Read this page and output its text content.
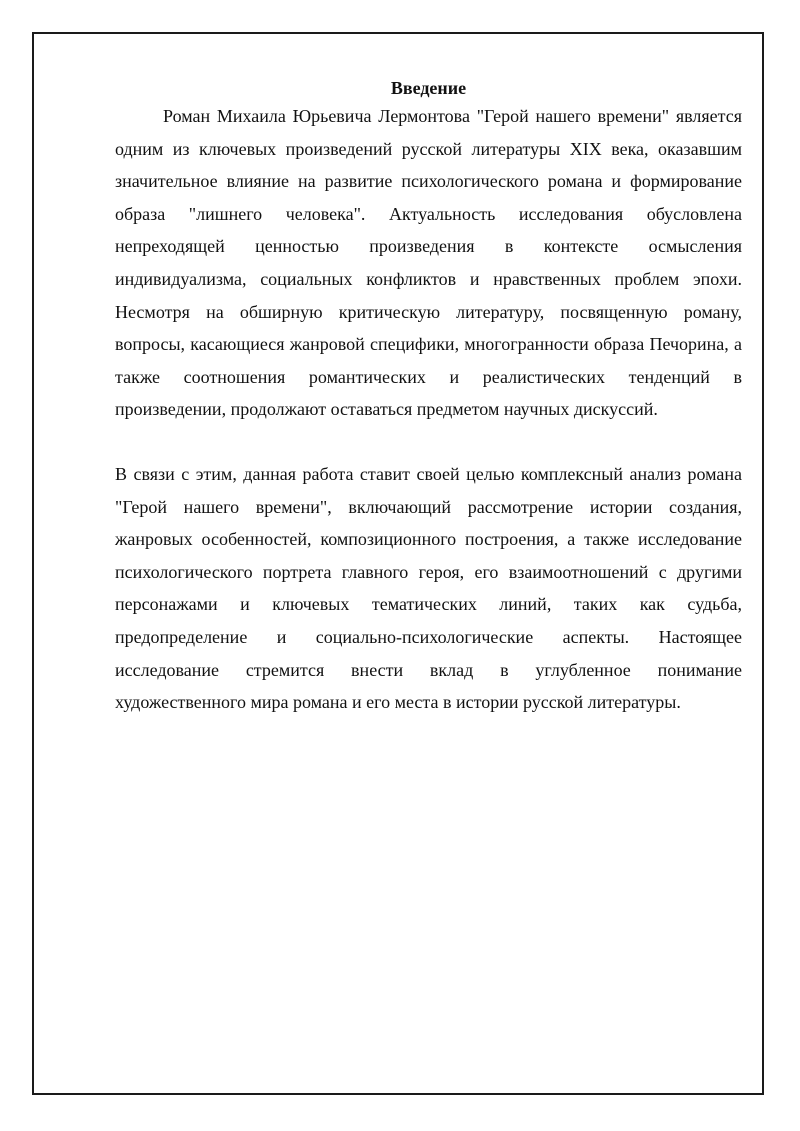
Введение

Роман Михаила Юрьевича Лермонтова "Герой нашего времени" является одним из ключевых произведений русской литературы XIX века, оказавшим значительное влияние на развитие психологического романа и формирование образа "лишнего человека". Актуальность исследования обусловлена непреходящей ценностью произведения в контексте осмысления индивидуализма, социальных конфликтов и нравственных проблем эпохи. Несмотря на обширную критическую литературу, посвященную роману, вопросы, касающиеся жанровой специфики, многогранности образа Печорина, а также соотношения романтических и реалистических тенденций в произведении, продолжают оставаться предметом научных дискуссий.

В связи с этим, данная работа ставит своей целью комплексный анализ романа "Герой нашего времени", включающий рассмотрение истории создания, жанровых особенностей, композиционного построения, а также исследование психологического портрета главного героя, его взаимоотношений с другими персонажами и ключевых тематических линий, таких как судьба, предопределение и социально-психологические аспекты. Настоящее исследование стремится внести вклад в углубленное понимание художественного мира романа и его места в истории русской литературы.
